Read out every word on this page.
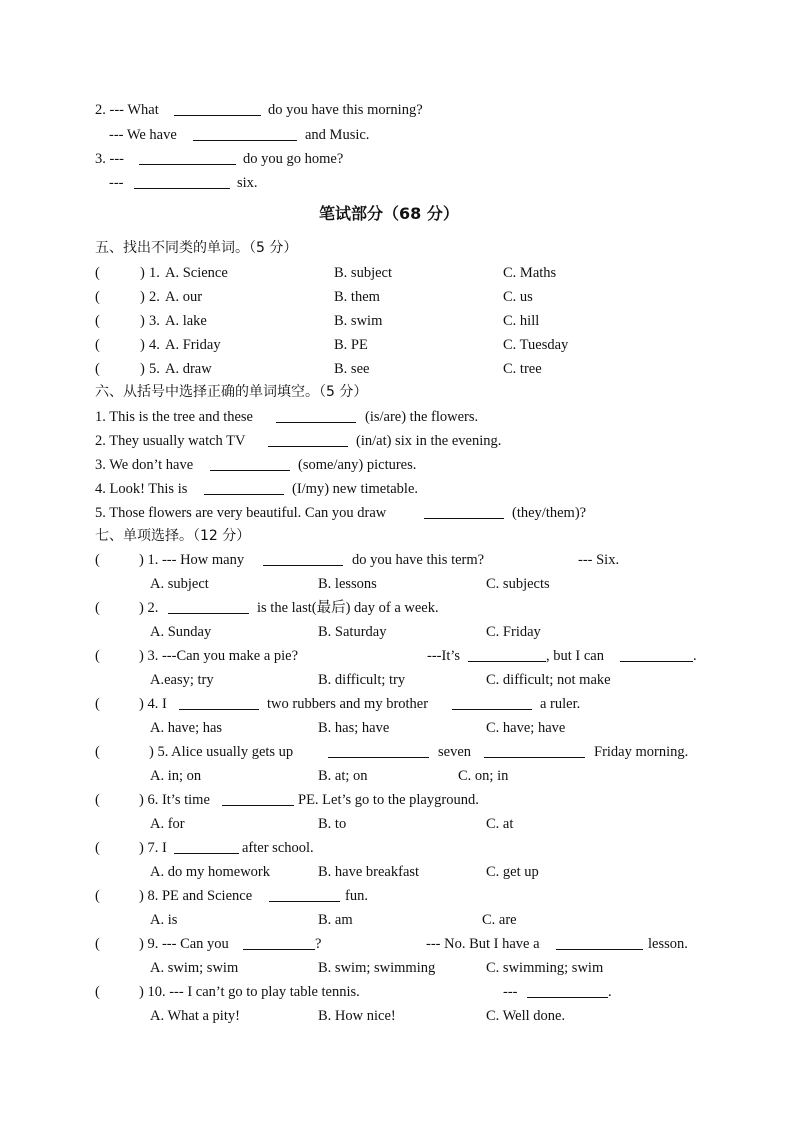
2. --- What	do you have this morning?
--- We have	and Music.
3. ---	do you go home?
---	six.
笔试部分（68 分）
五、找出不同类的单词。（5 分）
(	) 1. A. Science	B. subject	C. Maths
(	) 2. A. our	B. them	C. us
(	) 3. A. lake	B. swim	C. hill
(	) 4. A. Friday	B. PE	C. Tuesday
(	) 5. A. draw	B. see	C. tree
六、从括号中选择正确的单词填空。（5 分）
1. This is the tree and these	(is/are) the flowers.
2. They usually watch TV	(in/at) six in the evening.
3. We don’t have	(some/any) pictures.
4. Look! This is	(I/my) new timetable.
5. Those flowers are very beautiful. Can you draw	(they/them)?
七、单项选择。（12 分）
(	) 1. --- How many	do you have this term?	--- Six.
A. subject	B. lessons	C. subjects
(	) 2.	is the last(最后) day of a week.
A. Sunday	B. Saturday	C. Friday
(	) 3. ---Can you make a pie?	---It’s	, but I can	.
A.easy; try	B. difficult; try	C. difficult; not make
(	) 4. I	two rubbers and my brother	a ruler.
A. have; has	B. has; have	C. have; have
(	) 5. Alice usually gets up	seven	Friday morning.
A. in; on	B. at; on	C. on; in
(	) 6. It’s time	PE. Let’s go to the playground.
A. for	B. to	C. at
(	) 7. I	after school.
A. do my homework	B. have breakfast	C. get up
(	) 8. PE and Science	fun.
A. is	B. am	C. are
(	) 9. --- Can you	?	--- No. But I have a	lesson.
A. swim; swim	B. swim; swimming	C. swimming; swim
(	) 10. --- I can’t go to play table tennis.	---	.
A. What a pity!	B. How nice!	C. Well done.
